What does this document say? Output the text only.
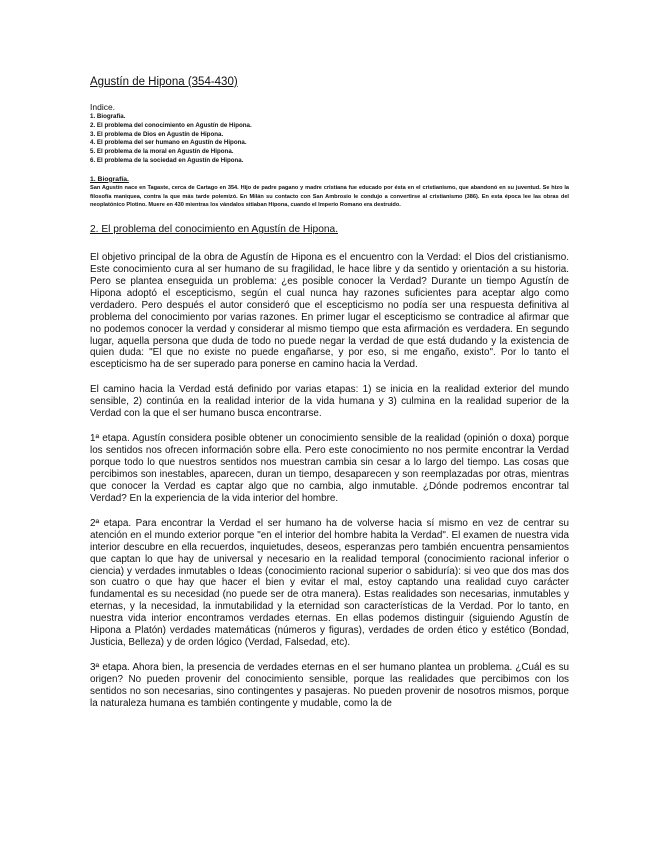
Agustín de Hipona (354-430)
Indice.
1. Biografía.
2. El problema del conocimiento en Agustín de Hipona.
3. El problema de Dios en Agustín de Hipona.
4. El problema del ser humano en Agustín de Hipona.
5. El problema de la moral en Agustín de Hipona.
6. El problema de la sociedad en Agustín de Hipona.
1. Biografía.

San Agustín nace en Tagaste, cerca de Cartago en 354. Hijo de padre pagano y madre cristiana fue educado por ésta en el cristianismo, que abandonó en su juventud. Se hizo la filosofía maniquea, contra la que más tarde polemizó. En Milán su contacto con San Ambrosio le condujo a convertirse al cristianismo (386). En esta época lee las obras del neoplatónico Plotino. Muere en 430 mientras los vándalos sitiaban Hipona, cuando el Imperio Romano era destruido.

2. El problema del conocimiento en Agustín de Hipona.

El objetivo principal de la obra de Agustín de Hipona es el encuentro con la Verdad: el Dios del cristianismo. Este conocimiento cura al ser humano de su fragilidad, le hace libre y da sentido y orientación a su historia. Pero se plantea enseguida un problema: ¿es posible conocer la Verdad? Durante un tiempo Agustín de Hipona adoptó el escepticismo, según el cual nunca hay razones suficientes para aceptar algo como verdadero. Pero después el autor consideró que el escepticismo no podía ser una respuesta definitiva al problema del conocimiento por varias razones. En primer lugar el escepticismo se contradice al afirmar que no podemos conocer la verdad y considerar al mismo tiempo que esta afirmación es verdadera. En segundo lugar, aquella persona que duda de todo no puede negar la verdad de que está dudando y la existencia de quien duda: "El que no existe no puede engañarse, y por eso, si me engaño, existo". Por lo tanto el escepticismo ha de ser superado para ponerse en camino hacia la Verdad.

El camino hacia la Verdad está definido por varias etapas: 1) se inicia en la realidad exterior del mundo sensible, 2) continúa en la realidad interior de la vida humana y 3) culmina en la realidad superior de la Verdad con la que el ser humano busca encontrarse.

1ª etapa. Agustín considera posible obtener un conocimiento sensible de la realidad (opinión o doxa) porque los sentidos nos ofrecen información sobre ella. Pero este conocimiento no nos permite encontrar la Verdad porque todo lo que nuestros sentidos nos muestran cambia sin cesar a lo largo del tiempo. Las cosas que percibimos son inestables, aparecen, duran un tiempo, desaparecen y son reemplazadas por otras, mientras que conocer la Verdad es captar algo que no cambia, algo inmutable. ¿Dónde podremos encontrar tal Verdad? En la experiencia de la vida interior del hombre.

2ª etapa. Para encontrar la Verdad el ser humano ha de volverse hacia sí mismo en vez de centrar su atención en el mundo exterior porque "en el interior del hombre habita la Verdad". El examen de nuestra vida interior descubre en ella recuerdos, inquietudes, deseos, esperanzas pero también encuentra pensamientos que captan lo que hay de universal y necesario en la realidad temporal (conocimiento racional inferior o ciencia) y verdades inmutables o Ideas (conocimiento racional superior o sabiduría): si veo que dos mas dos son cuatro o que hay que hacer el bien y evitar el mal, estoy captando una realidad cuyo carácter fundamental es su necesidad (no puede ser de otra manera). Estas realidades son necesarias, inmutables y eternas, y la necesidad, la inmutabilidad y la eternidad son características de la Verdad. Por lo tanto, en nuestra vida interior encontramos verdades eternas. En ellas podemos distinguir (siguiendo Agustín de Hipona a Platón) verdades matemáticas (números y figuras), verdades de orden ético y estético (Bondad, Justicia, Belleza) y de orden lógico (Verdad, Falsedad, etc).

3ª etapa. Ahora bien, la presencia de verdades eternas en el ser humano plantea un problema. ¿Cuál es su origen? No pueden provenir del conocimiento sensible, porque las realidades que percibimos con los sentidos no son necesarias, sino contingentes y pasajeras. No pueden provenir de nosotros mismos, porque la naturaleza humana es también contingente y mudable, como la de
